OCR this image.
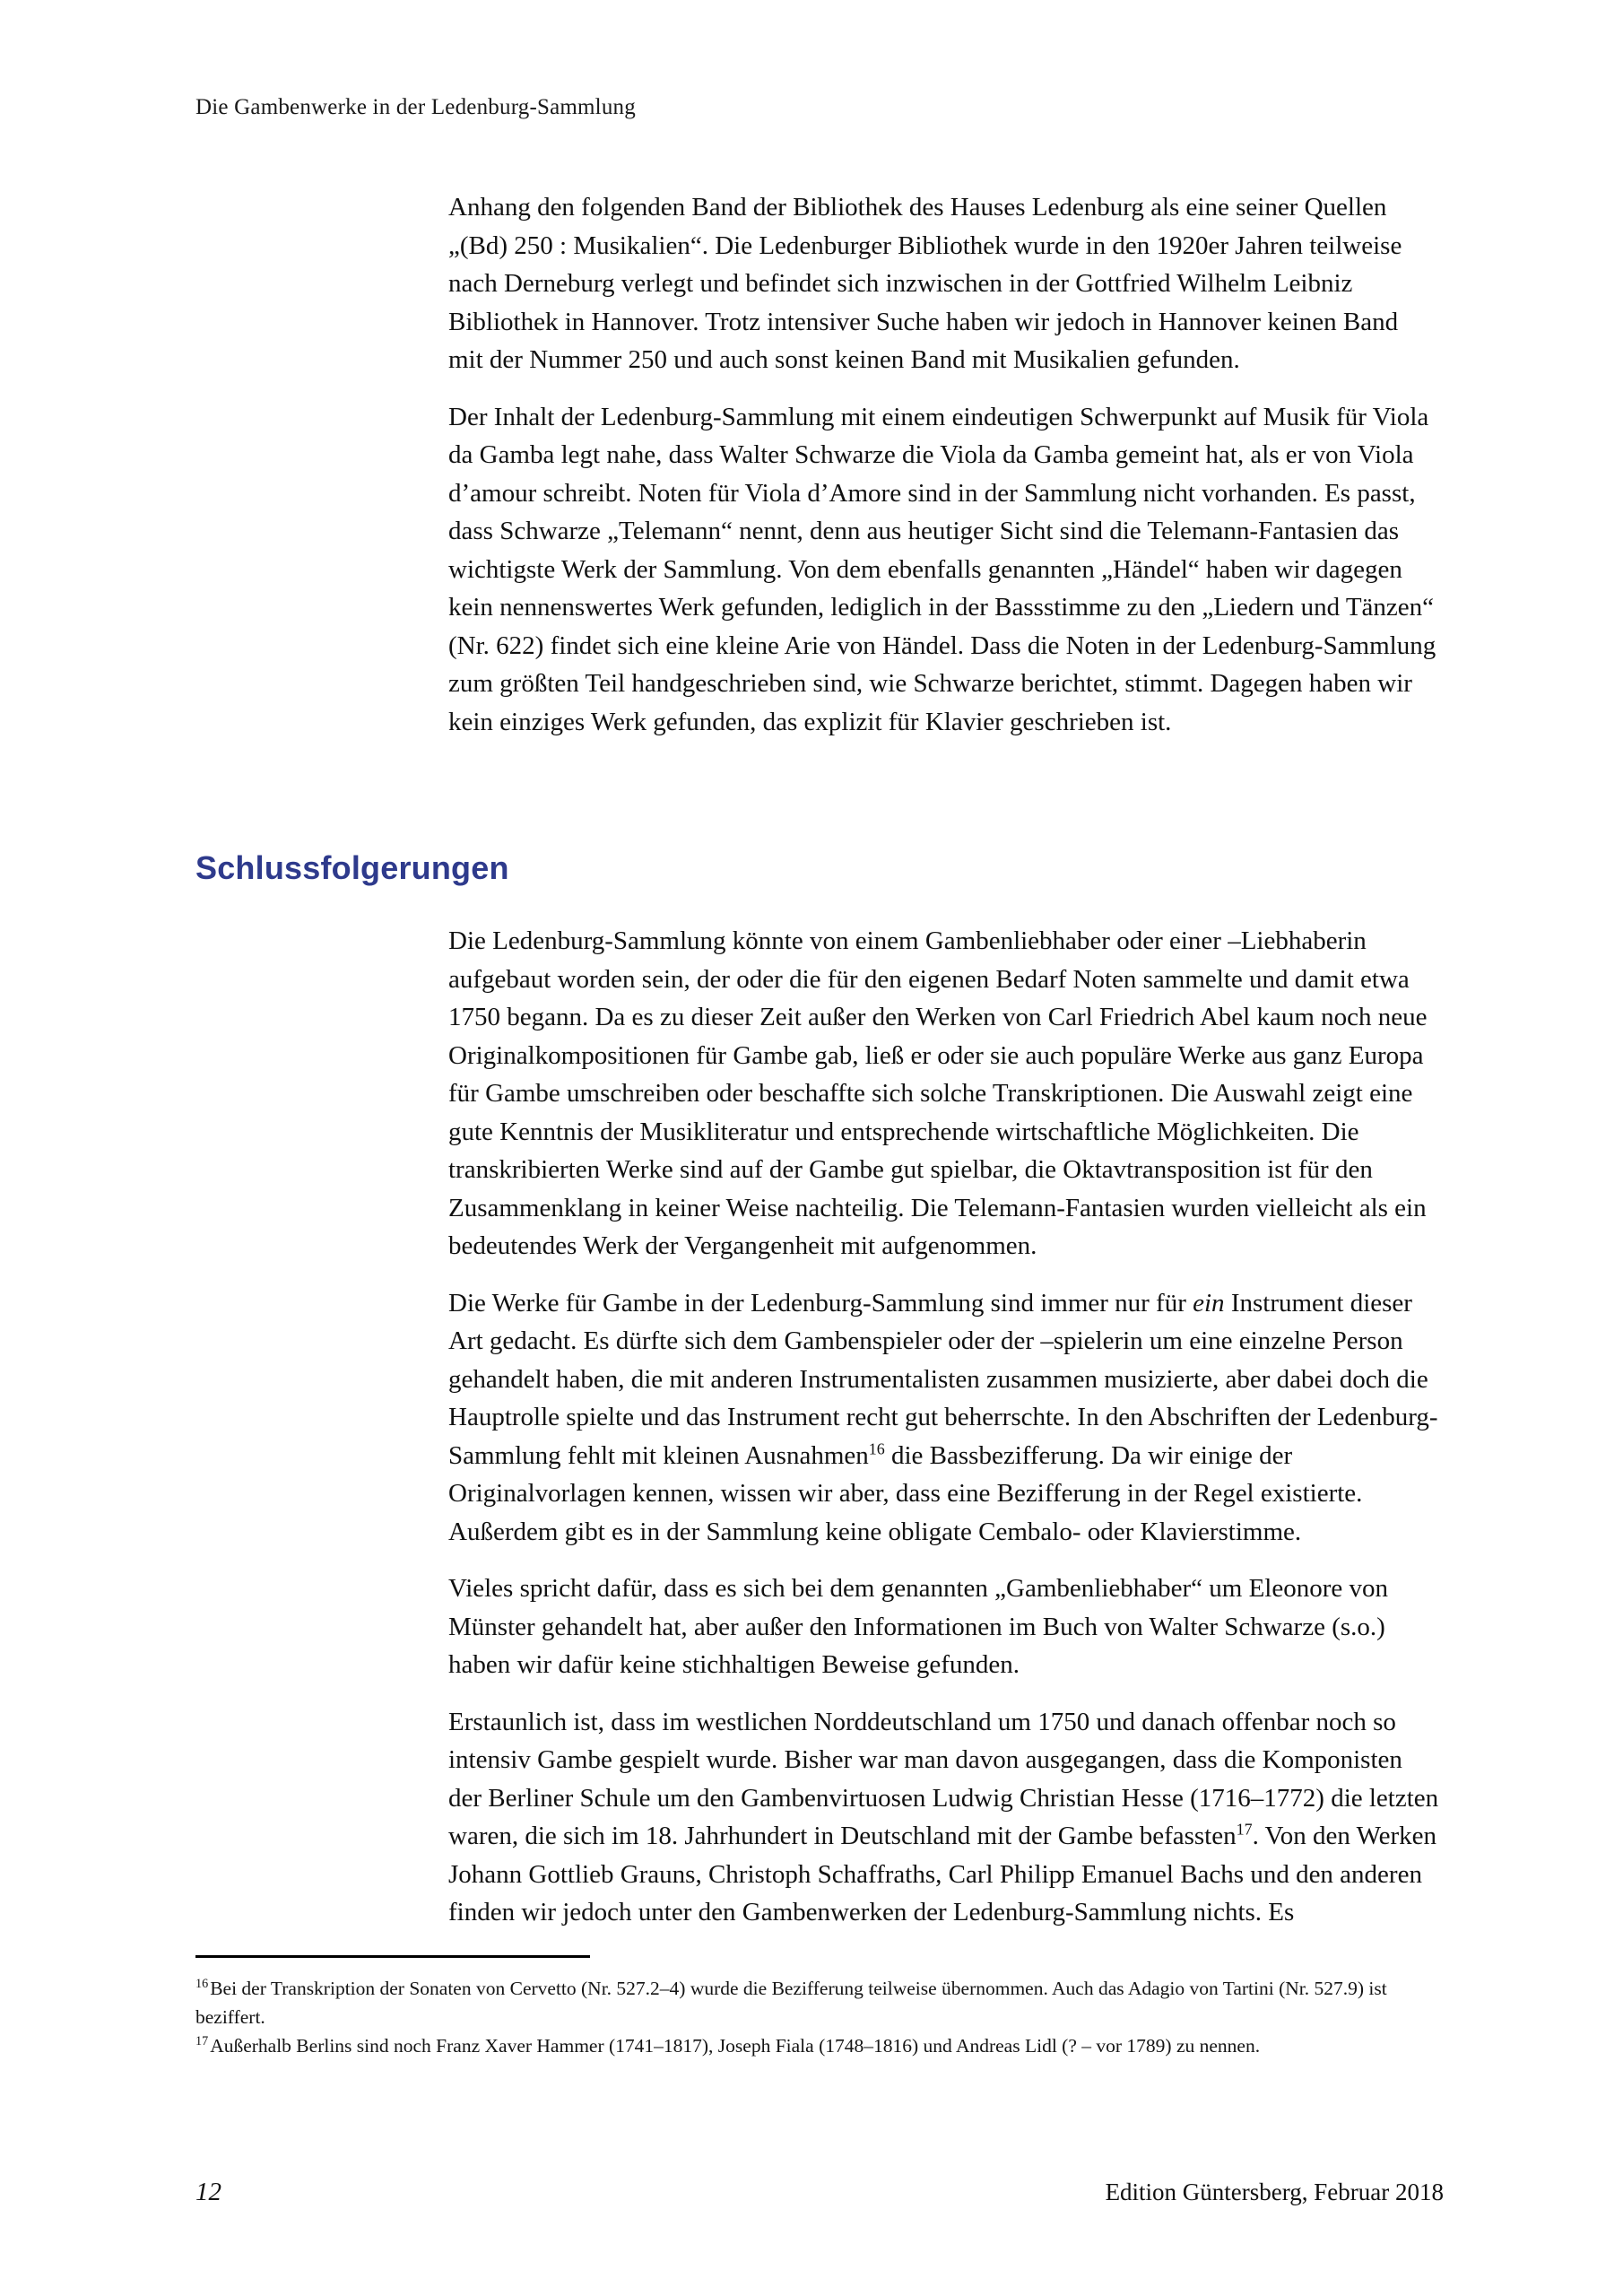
Die Gambenwerke in der Ledenburg-Sammlung

Anhang den folgenden Band der Bibliothek des Hauses Ledenburg als eine seiner Quellen „(Bd) 250 : Musikalien“. Die Ledenburger Bibliothek wurde in den 1920er Jahren teilweise nach Derneburg verlegt und befindet sich inzwischen in der Gottfried Wilhelm Leibniz Bibliothek in Hannover. Trotz intensiver Suche haben wir jedoch in Hannover keinen Band mit der Nummer 250 und auch sonst keinen Band mit Musikalien gefunden.

Der Inhalt der Ledenburg-Sammlung mit einem eindeutigen Schwerpunkt auf Musik für Viola da Gamba legt nahe, dass Walter Schwarze die Viola da Gamba gemeint hat, als er von Viola d’amour schreibt. Noten für Viola d’Amore sind in der Sammlung nicht vorhanden. Es passt, dass Schwarze „Telemann“ nennt, denn aus heutiger Sicht sind die Telemann-Fantasien das wichtigste Werk der Sammlung. Von dem ebenfalls genannten „Händel“ haben wir dagegen kein nennenswertes Werk gefunden, lediglich in der Bassstimme zu den „Liedern und Tänzen“ (Nr. 622) findet sich eine kleine Arie von Händel. Dass die Noten in der Ledenburg-Sammlung zum größten Teil handgeschrieben sind, wie Schwarze berichtet, stimmt. Dagegen haben wir kein einziges Werk gefunden, das explizit für Klavier geschrieben ist.

Schlussfolgerungen

Die Ledenburg-Sammlung könnte von einem Gambenliebhaber oder einer –Liebhaberin aufgebaut worden sein, der oder die für den eigenen Bedarf Noten sammelte und damit etwa 1750 begann. Da es zu dieser Zeit außer den Werken von Carl Friedrich Abel kaum noch neue Originalkompositionen für Gambe gab, ließ er oder sie auch populäre Werke aus ganz Europa für Gambe umschreiben oder beschaffte sich solche Transkriptionen. Die Auswahl zeigt eine gute Kenntnis der Musikliteratur und entsprechende wirtschaftliche Möglichkeiten. Die transkribierten Werke sind auf der Gambe gut spielbar, die Oktavtransposition ist für den Zusammenklang in keiner Weise nachteilig. Die Telemann-Fantasien wurden vielleicht als ein bedeutendes Werk der Vergangenheit mit aufgenommen.

Die Werke für Gambe in der Ledenburg-Sammlung sind immer nur für ein Instrument dieser Art gedacht. Es dürfte sich dem Gambenspieler oder der –spielerin um eine einzelne Person gehandelt haben, die mit anderen Instrumentalisten zusammen musizierte, aber dabei doch die Hauptrolle spielte und das Instrument recht gut beherrschte. In den Abschriften der Ledenburg-Sammlung fehlt mit kleinen Ausnahmen$^{16}$ die Bassbezifferung. Da wir einige der Originalvorlagen kennen, wissen wir aber, dass eine Bezifferung in der Regel existierte. Außerdem gibt es in der Sammlung keine obligate Cembalo- oder Klavierstimme.

Vieles spricht dafür, dass es sich bei dem genannten „Gambenliebhaber“ um Eleonore von Münster gehandelt hat, aber außer den Informationen im Buch von Walter Schwarze (s.o.) haben wir dafür keine stichhaltigen Beweise gefunden.

Erstaunlich ist, dass im westlichen Norddeutschland um 1750 und danach offenbar noch so intensiv Gambe gespielt wurde. Bisher war man davon ausgegangen, dass die Komponisten der Berliner Schule um den Gambenvirtuosen Ludwig Christian Hesse (1716–1772) die letzten waren, die sich im 18. Jahrhundert in Deutschland mit der Gambe befassten$^{17}$. Von den Werken Johann Gottlieb Grauns, Christoph Schaffraths, Carl Philipp Emanuel Bachs und den anderen finden wir jedoch unter den Gambenwerken der Ledenburg-Sammlung nichts. Es

$^{16}$Bei der Transkription der Sonaten von Cervetto (Nr. 527.2–4) wurde die Bezifferung teilweise übernommen. Auch das Adagio von Tartini (Nr. 527.9) ist beziffert.

$^{17}$Außerhalb Berlins sind noch Franz Xaver Hammer (1741–1817), Joseph Fiala (1748–1816) und Andreas Lidl (? – vor 1789) zu nennen.

12	Edition Güntersberg, Februar 2018
